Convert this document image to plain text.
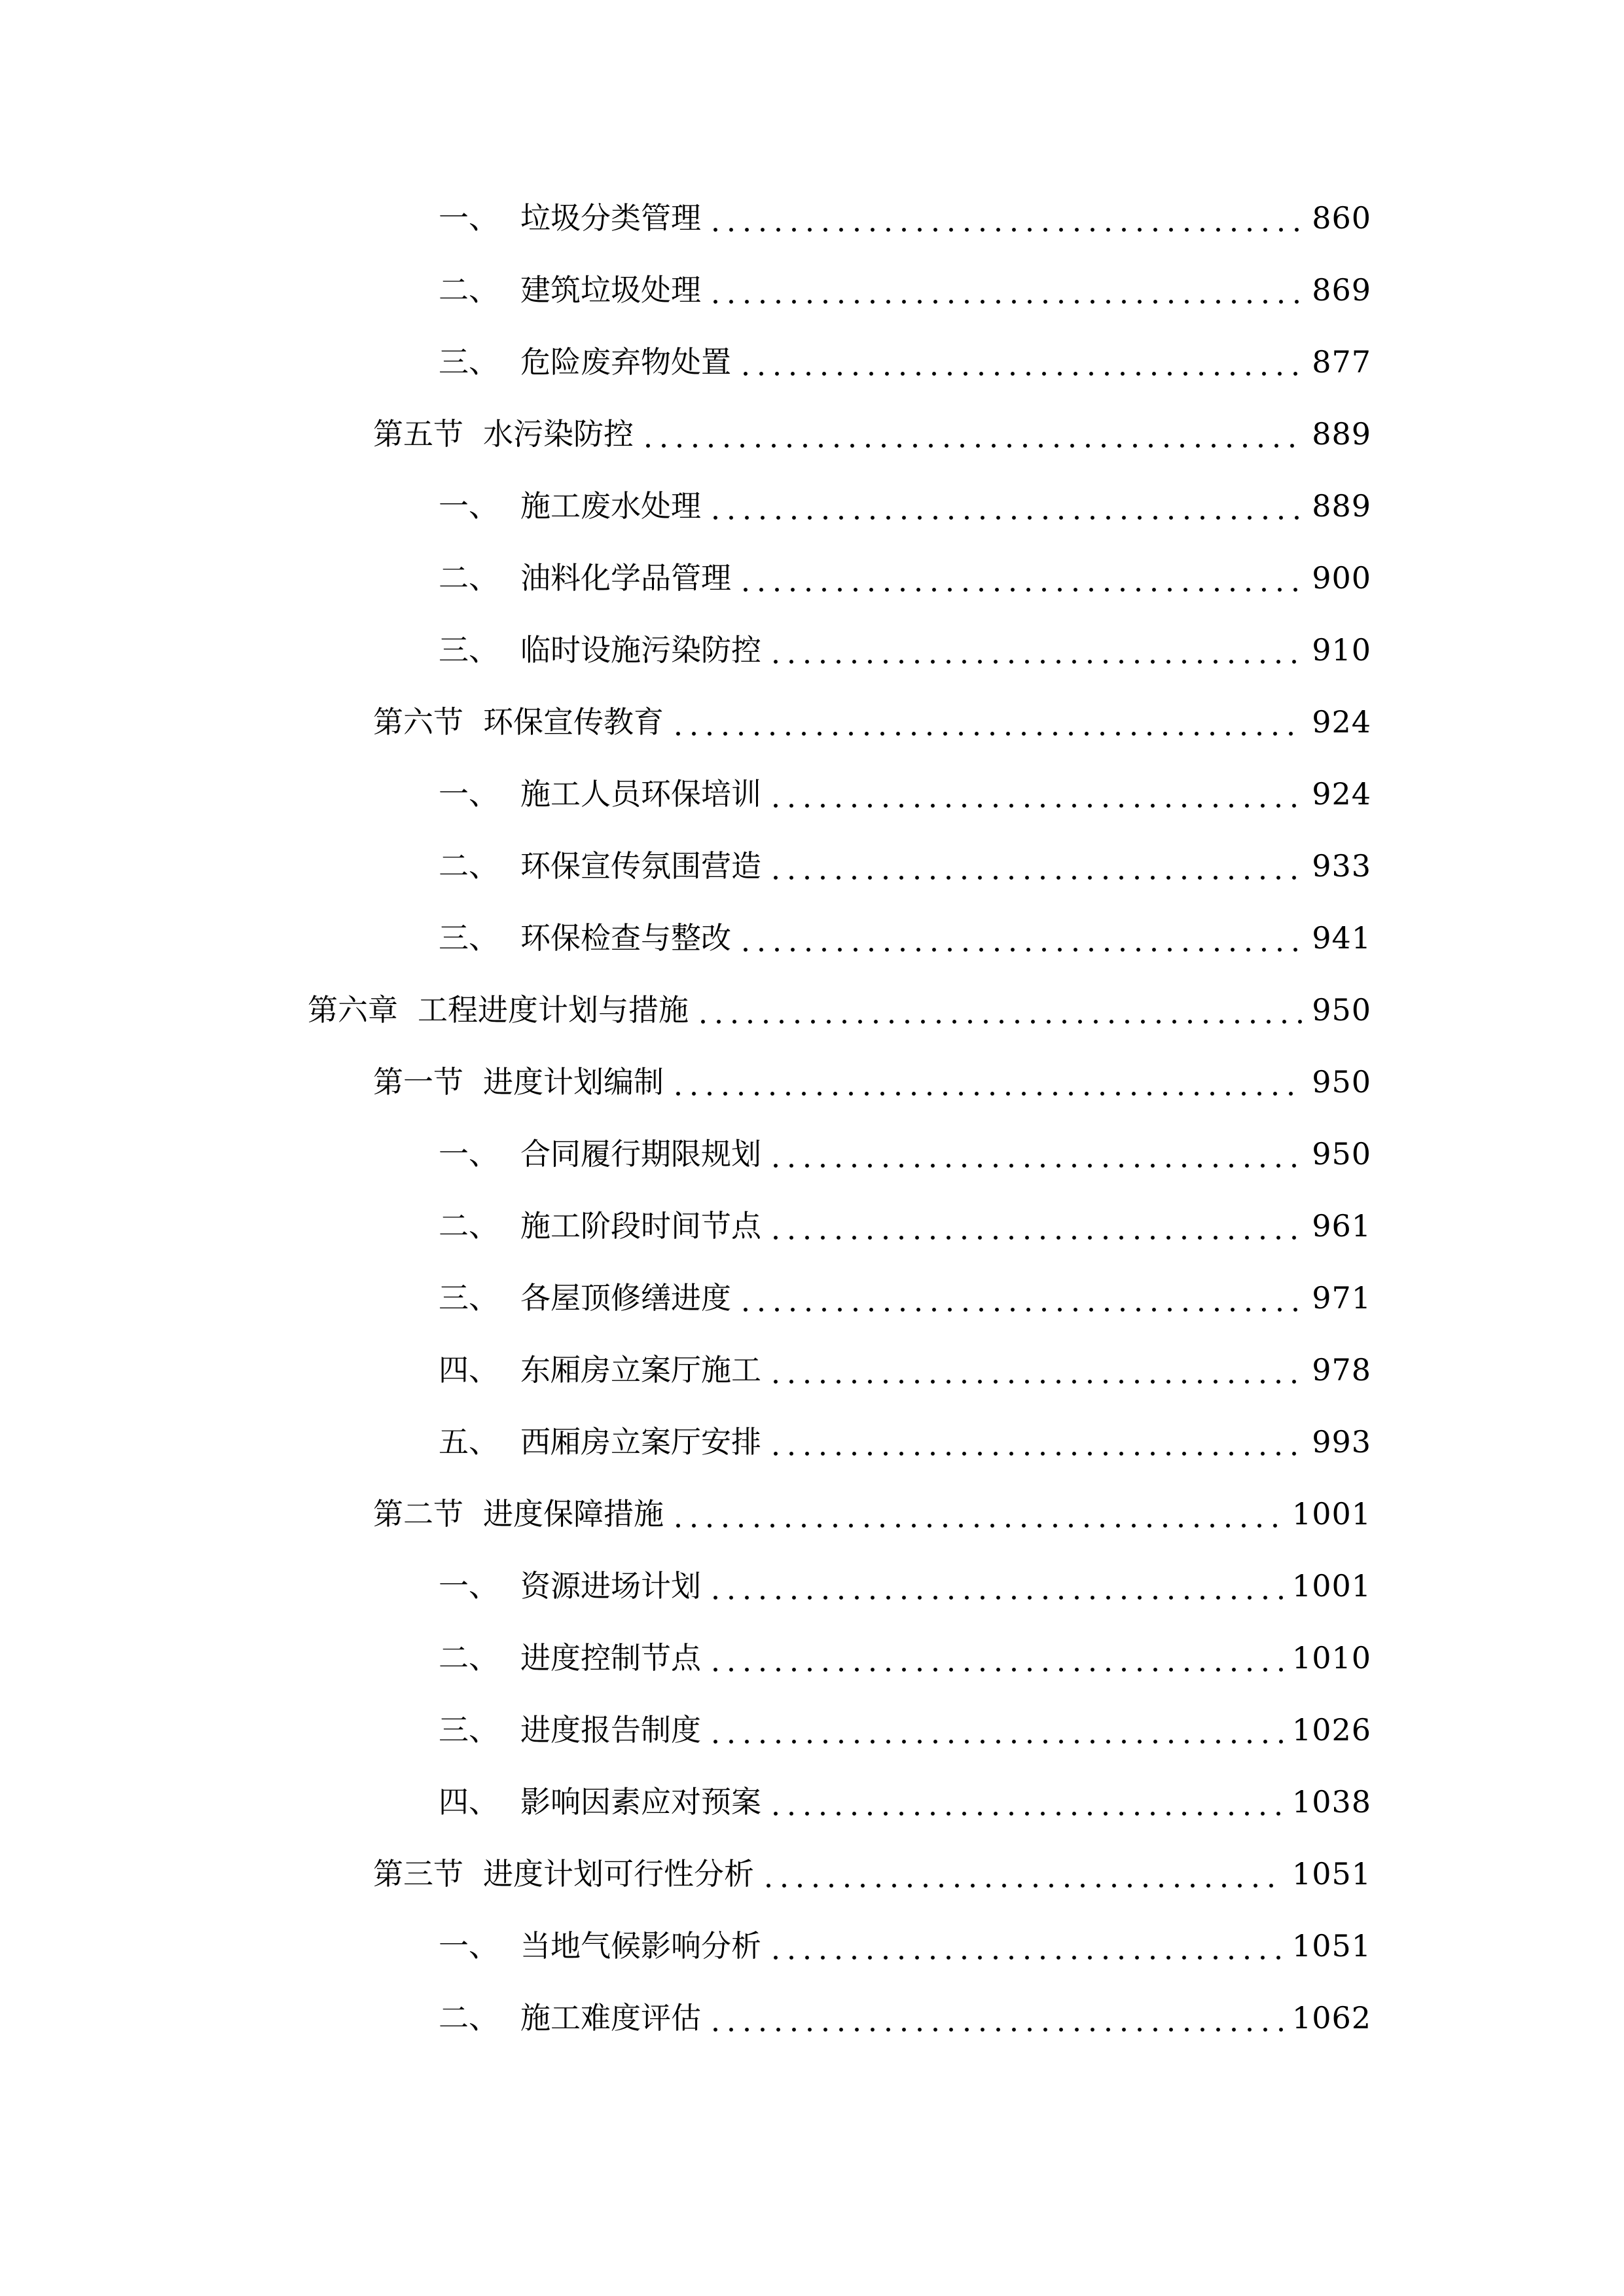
一、 垃圾分类管理	860
二、 建筑垃圾处理	869
三、 危险废弃物处置	877
第五节 水污染防控	889
一、 施工废水处理	889
二、 油料化学品管理	900
三、 临时设施污染防控	910
第六节 环保宣传教育	924
一、 施工人员环保培训	924
二、 环保宣传氛围营造	933
三、 环保检查与整改	941
第六章 工程进度计划与措施	950
第一节 进度计划编制	950
一、 合同履行期限规划	950
二、 施工阶段时间节点	961
三、 各屋顶修缮进度	971
四、 东厢房立案厅施工	978
五、 西厢房立案厅安排	993
第二节 进度保障措施	1001
一、 资源进场计划	1001
二、 进度控制节点	1010
三、 进度报告制度	1026
四、 影响因素应对预案	1038
第三节 进度计划可行性分析	1051
一、 当地气候影响分析	1051
二、 施工难度评估	1062
